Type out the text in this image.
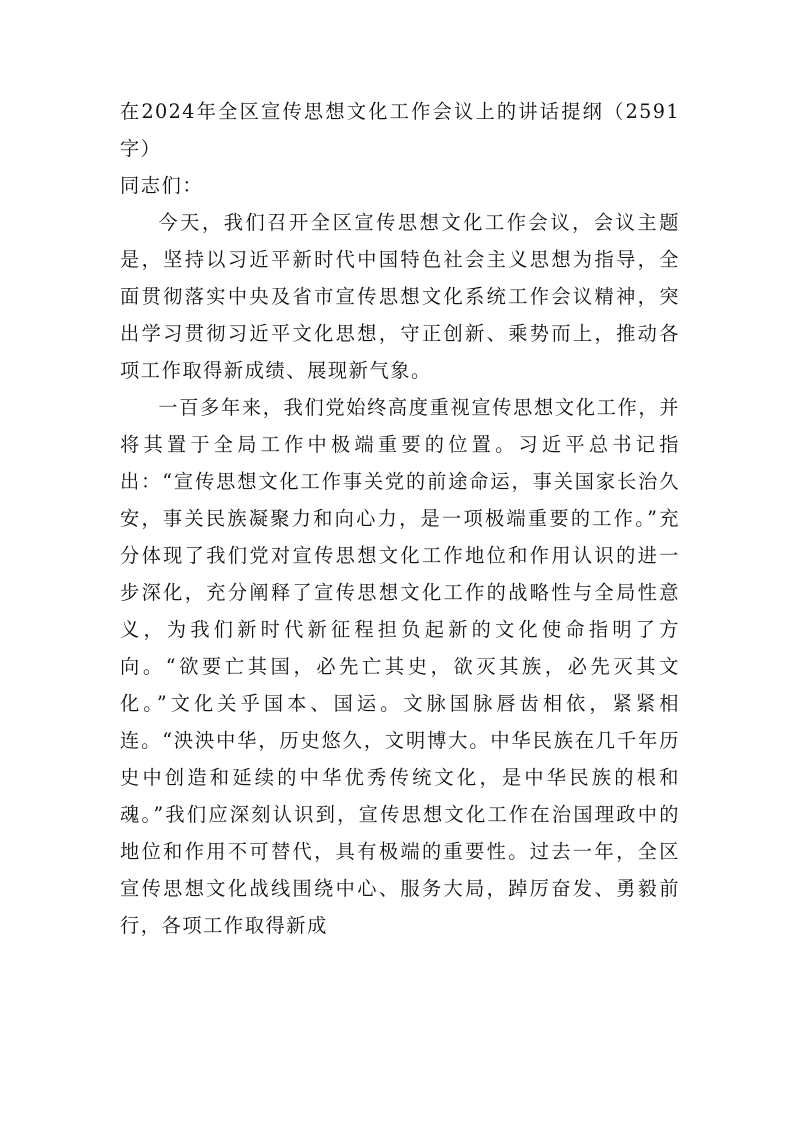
在2024年全区宣传思想文化工作会议上的讲话提纲（2591字）

同志们：

今天，我们召开全区宣传思想文化工作会议，会议主题是，坚持以习近平新时代中国特色社会主义思想为指导，全面贯彻落实中央及省市宣传思想文化系统工作会议精神，突出学习贯彻习近平文化思想，守正创新、乘势而上，推动各项工作取得新成绩、展现新气象。

一百多年来，我们党始终高度重视宣传思想文化工作，并将其置于全局工作中极端重要的位置。习近平总书记指出：“宣传思想文化工作事关党的前途命运，事关国家长治久安，事关民族凝聚力和向心力，是一项极端重要的工作。”充分体现了我们党对宣传思想文化工作地位和作用认识的进一步深化，充分阐释了宣传思想文化工作的战略性与全局性意义，为我们新时代新征程担负起新的文化使命指明了方向。“欲要亡其国，必先亡其史，欲灭其族，必先灭其文化。”文化关乎国本、国运。文脉国脉唇齿相依，紧紧相连。“泱泱中华，历史悠久，文明博大。中华民族在几千年历史中创造和延续的中华优秀传统文化，是中华民族的根和魂。”我们应深刻认识到，宣传思想文化工作在治国理政中的地位和作用不可替代，具有极端的重要性。过去一年，全区宣传思想文化战线围绕中心、服务大局，踔厉奋发、勇毅前行，各项工作取得新成
